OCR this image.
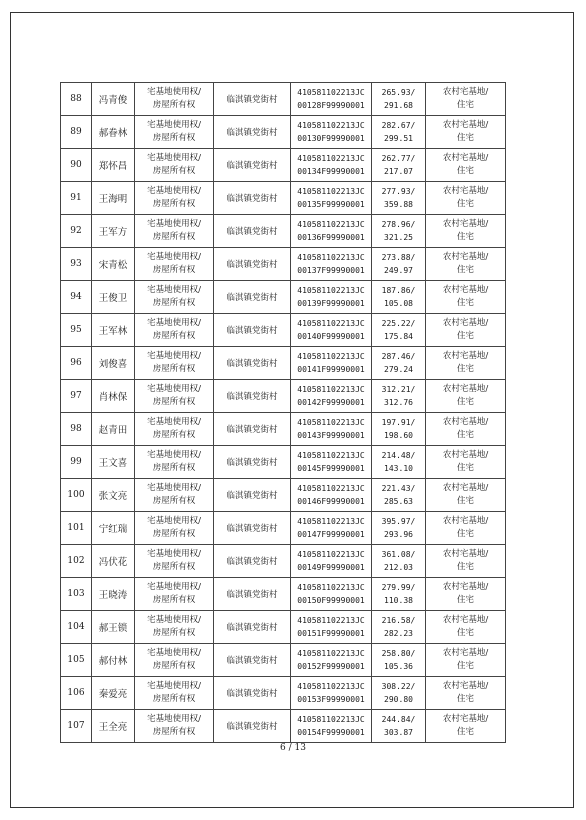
88	冯青俊	宅基地使用权/
房屋所有权	临淇镇党街村	410581102213JC
00128F99990001	265.93/
291.68	农村宅基地/
住宅

89	郝眷林	宅基地使用权/
房屋所有权	临淇镇党街村	410581102213JC
00130F99990001	282.67/
299.51	农村宅基地/
住宅

90	郑怀昌	宅基地使用权/
房屋所有权	临淇镇党街村	410581102213JC
00134F99990001	262.77/
217.07	农村宅基地/
住宅

91	王海明	宅基地使用权/
房屋所有权	临淇镇党街村	410581102213JC
00135F99990001	277.93/
359.88	农村宅基地/
住宅

92	王军方	宅基地使用权/
房屋所有权	临淇镇党街村	410581102213JC
00136F99990001	278.96/
321.25	农村宅基地/
住宅

93	宋青松	宅基地使用权/
房屋所有权	临淇镇党街村	410581102213JC
00137F99990001	273.88/
249.97	农村宅基地/
住宅

94	王俊卫	宅基地使用权/
房屋所有权	临淇镇党街村	410581102213JC
00139F99990001	187.86/
105.08	农村宅基地/
住宅

95	王军林	宅基地使用权/
房屋所有权	临淇镇党街村	410581102213JC
00140F99990001	225.22/
175.84	农村宅基地/
住宅

96	刘俊喜	宅基地使用权/
房屋所有权	临淇镇党街村	410581102213JC
00141F99990001	287.46/
279.24	农村宅基地/
住宅

97	肖林保	宅基地使用权/
房屋所有权	临淇镇党街村	410581102213JC
00142F99990001	312.21/
312.76	农村宅基地/
住宅

98	赵青田	宅基地使用权/
房屋所有权	临淇镇党街村	410581102213JC
00143F99990001	197.91/
198.60	农村宅基地/
住宅

99	王文喜	宅基地使用权/
房屋所有权	临淇镇党街村	410581102213JC
00145F99990001	214.48/
143.10	农村宅基地/
住宅

100	张文亮	宅基地使用权/
房屋所有权	临淇镇党街村	410581102213JC
00146F99990001	221.43/
285.63	农村宅基地/
住宅

101	宁红瑞	宅基地使用权/
房屋所有权	临淇镇党街村	410581102213JC
00147F99990001	395.97/
293.96	农村宅基地/
住宅

102	冯伏花	宅基地使用权/
房屋所有权	临淇镇党街村	410581102213JC
00149F99990001	361.08/
212.03	农村宅基地/
住宅

103	王晓涛	宅基地使用权/
房屋所有权	临淇镇党街村	410581102213JC
00150F99990001	279.99/
110.38	农村宅基地/
住宅

104	郝王锁	宅基地使用权/
房屋所有权	临淇镇党街村	410581102213JC
00151F99990001	216.58/
282.23	农村宅基地/
住宅

105	郝付林	宅基地使用权/
房屋所有权	临淇镇党街村	410581102213JC
00152F99990001	258.80/
105.36	农村宅基地/
住宅

106	秦爱亮	宅基地使用权/
房屋所有权	临淇镇党街村	410581102213JC
00153F99990001	308.22/
290.80	农村宅基地/
住宅

107	王全亮	宅基地使用权/
房屋所有权	临淇镇党街村	410581102213JC
00154F99990001	244.84/
303.87	农村宅基地/
住宅
6 / 13
